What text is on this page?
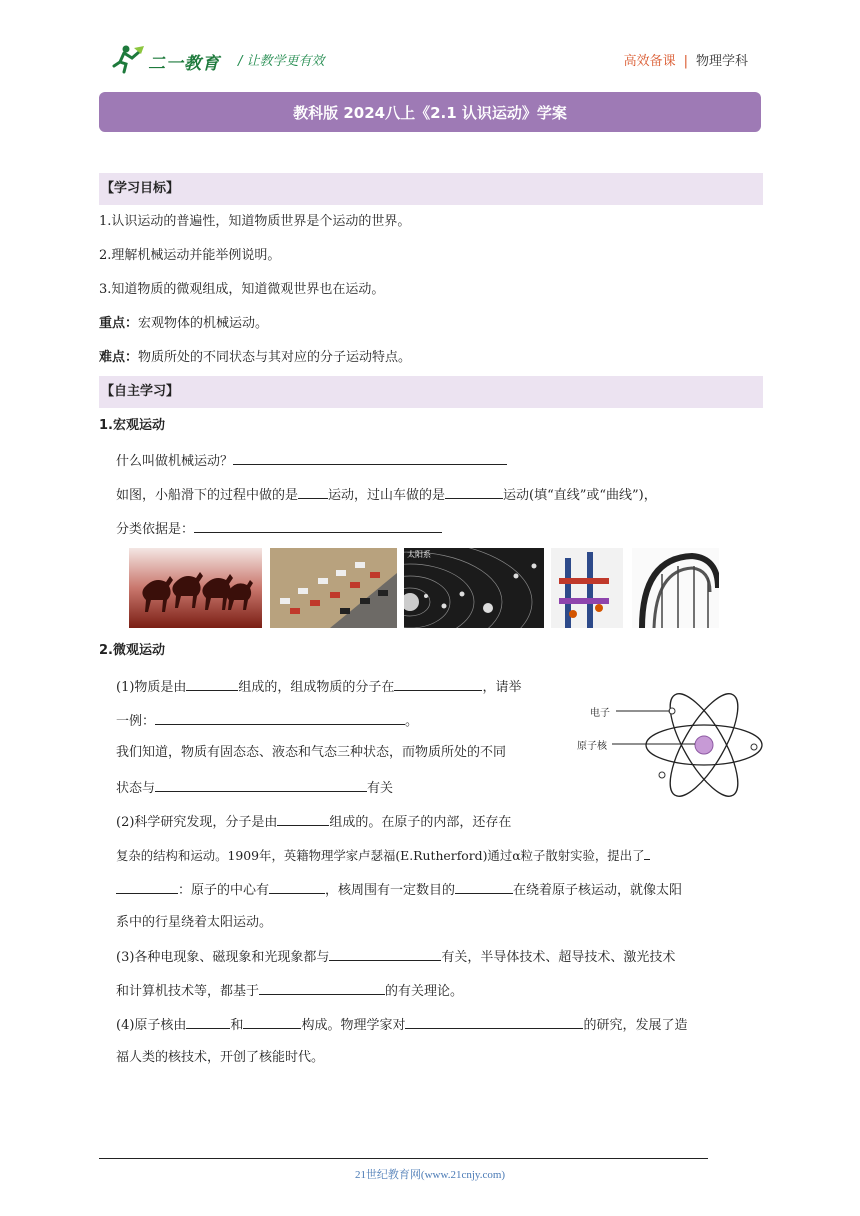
二一教育 / 让教学更有效	高效备课 | 物理学科
教科版 2024八上《2.1 认识运动》学案
【学习目标】
1.认识运动的普遍性，知道物质世界是个运动的世界。
2.理解机械运动并能举例说明。
3.知道物质的微观组成，知道微观世界也在运动。
重点：宏观物体的机械运动。
难点：物质所处的不同状态与其对应的分子运动特点。
【自主学习】
1.宏观运动
什么叫做机械运动？
如图，小船滑下的过程中做的是 运动，过山车做的是	运动(填“直线”或“曲线”)，
分类依据是：
太阳系
2.微观运动
(1)物质是由	组成的，组成物质的分子在	，请举
一例：	。
我们知道，物质有固态态、液态和气态三种状态，而物质所处的不同
状态与	有关
电子
原子核
(2)科学研究发现，分子是由	组成的。在原子的内部，还存在
复杂的结构和运动。1909年，英籍物理学家卢瑟福(E.Rutherford)通过α粒子散射实验，提出了
：原子的中心有	，核周围有一定数目的	在绕着原子核运动，就像太阳
系中的行星绕着太阳运动。
(3)各种电现象、磁现象和光现象都与	有关，半导体技术、超导技术、激光技术
和计算机技术等，都基于	的有关理论。
(4)原子核由	和	构成。物理学家对	的研究，发展了造
福人类的核技术，开创了核能时代。
21世纪教育网(www.21cnjy.com)
